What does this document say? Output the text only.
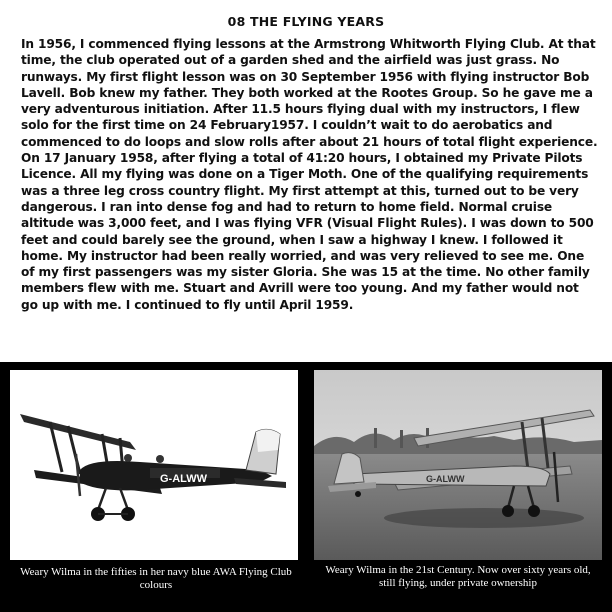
08 THE FLYING YEARS
In 1956, I commenced flying lessons at the Armstrong Whitworth Flying Club. At that time, the club operated out of a garden shed and the airfield was just grass. No runways. My first flight lesson was on 30 September 1956 with flying instructor Bob Lavell. Bob knew my father. They both worked at the Rootes Group. So he gave me a very adventurous initiation. After 11.5 hours flying dual with my instructors, I flew solo for the first time on 24 February1957. I couldn’t wait to do aerobatics and commenced to do loops and slow rolls after about 21 hours of total flight experience. On 17 January 1958, after flying a total of 41:20 hours, I obtained my Private Pilots Licence. All my flying was done on a Tiger Moth. One of the qualifying requirements was a three leg cross country flight. My first attempt at this, turned out to be very dangerous. I ran into dense fog and had to return to home field. Normal cruise altitude was 3,000 feet, and I was flying VFR (Visual Flight Rules). I was down to 500 feet and could barely see the ground, when I saw a highway I knew. I followed it home. My instructor had been really worried, and was very relieved to see me. One of my first passengers was my sister Gloria. She was 15 at the time. No other family members flew with me. Stuart and Avrill were too young. And my father would not go up with me. I continued to fly until April 1959.
G-ALWW	G-ALWW
Weary Wilma in the fifties in her navy blue AWA Flying Club colours
Weary Wilma in the 21st Century. Now over sixty years old, still flying, under private ownership
